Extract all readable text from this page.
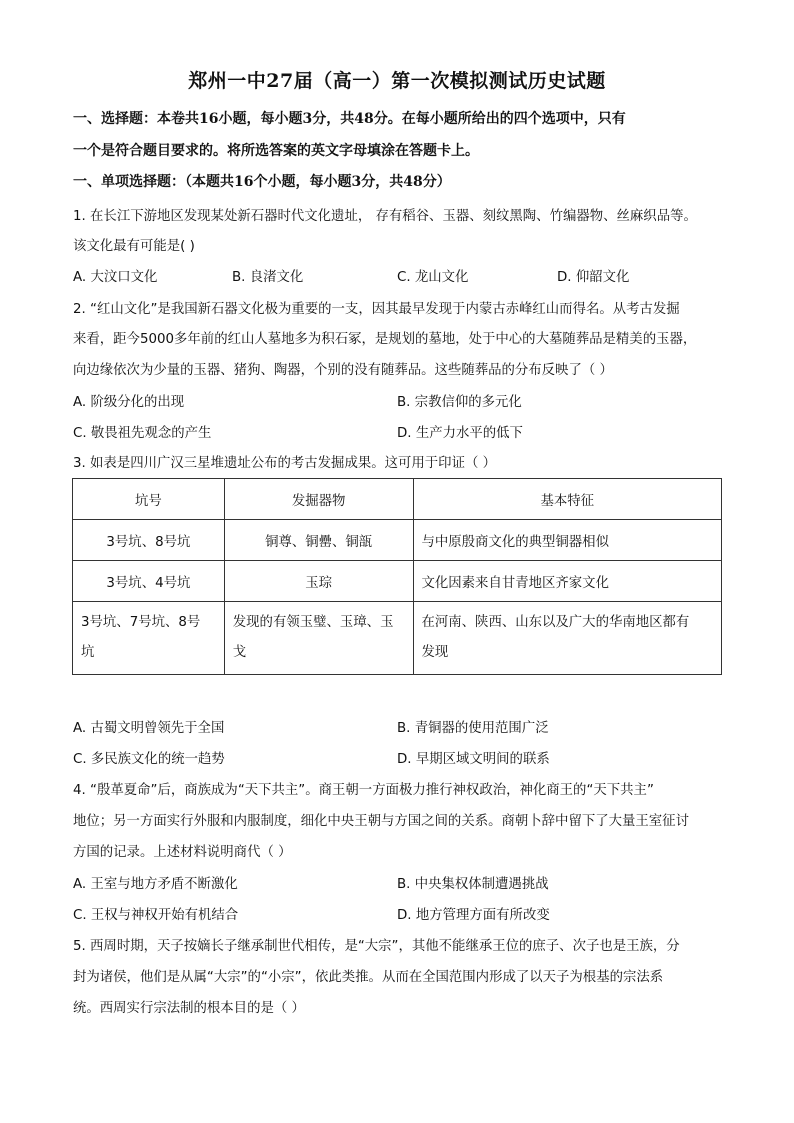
郑州一中27届（高一）第一次模拟测试历史试题
一、选择题：本卷共16小题，每小题3分，共48分。在每小题所给出的四个选项中，只有
一个是符合题目要求的。将所选答案的英文字母填涂在答题卡上。
一、单项选择题：（本题共16个小题，每小题3分，共48分）
1. 在长江下游地区发现某处新石器时代文化遗址， 存有稻谷、玉器、刻纹黑陶、竹编器物、丝麻织品等。
该文化最有可能是( )
A. 大汶口文化	B. 良渚文化	C. 龙山文化	D. 仰韶文化
2. “红山文化”是我国新石器文化极为重要的一支，因其最早发现于内蒙古赤峰红山而得名。从考古发掘
来看，距今5000多年前的红山人墓地多为积石冢，是规划的墓地，处于中心的大墓随葬品是精美的玉器，
向边缘依次为少量的玉器、猪狗、陶器，个别的没有随葬品。这些随葬品的分布反映了（ ）
A. 阶级分化的出现	B. 宗教信仰的多元化
C. 敬畏祖先观念的产生	D. 生产力水平的低下
3. 如表是四川广汉三星堆遗址公布的考古发掘成果。这可用于印证（ ）
坑号	发掘器物	基本特征
3号坑、8号坑	铜尊、铜罍、铜瓿	与中原殷商文化的典型铜器相似
3号坑、4号坑	玉琮	文化因素来自甘青地区齐家文化
3号坑、7号坑、8号
坑	发现的有领玉璧、玉璋、玉
戈	在河南、陕西、山东以及广大的华南地区都有
发现
A. 古蜀文明曾领先于全国	B. 青铜器的使用范围广泛
C. 多民族文化的统一趋势	D. 早期区域文明间的联系
4. “殷革夏命”后，商族成为“天下共主”。商王朝一方面极力推行神权政治，神化商王的“天下共主”
地位；另一方面实行外服和内服制度，细化中央王朝与方国之间的关系。商朝卜辞中留下了大量王室征讨
方国的记录。上述材料说明商代（ ）
A. 王室与地方矛盾不断激化	B. 中央集权体制遭遇挑战
C. 王权与神权开始有机结合	D. 地方管理方面有所改变
5. 西周时期，天子按嫡长子继承制世代相传，是“大宗”，其他不能继承王位的庶子、次子也是王族，分
封为诸侯，他们是从属“大宗”的“小宗”，依此类推。从而在全国范围内形成了以天子为根基的宗法系
统。西周实行宗法制的根本目的是（ ）
